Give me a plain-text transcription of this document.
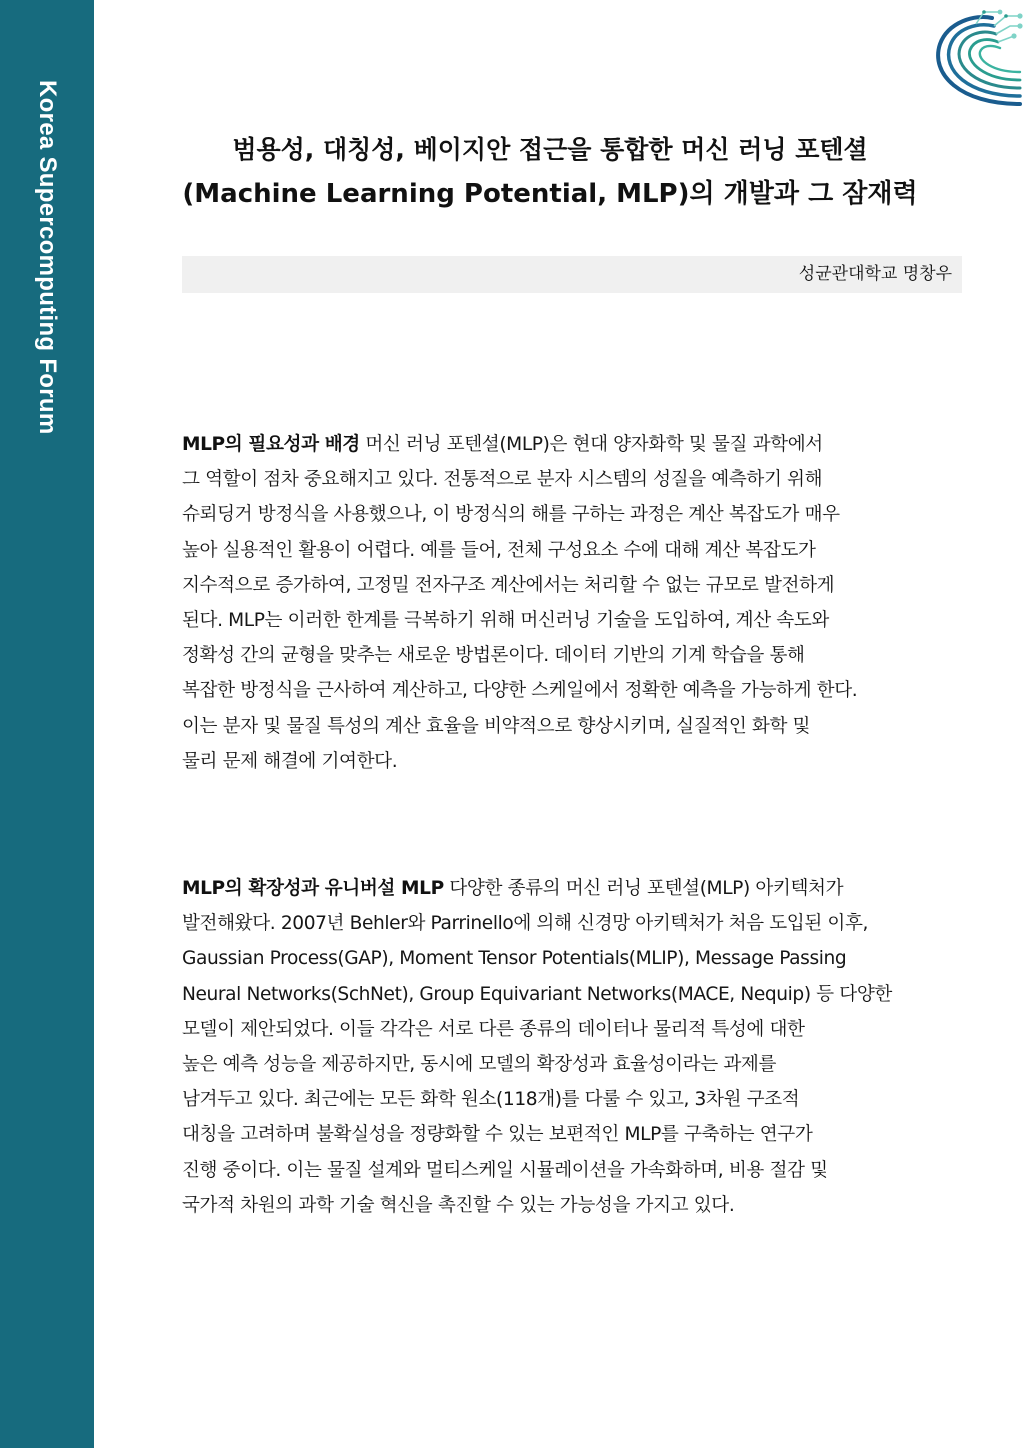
Korea Supercomputing Forum	범용성, 대칭성, 베이지안 접근을 통합한 머신 러닝 포텐셜
(Machine Learning Potential, MLP)의 개발과 그 잠재력
성균관대학교 명창우
MLP의 필요성과 배경 머신 러닝 포텐셜(MLP)은 현대 양자화학 및 물질 과학에서
그 역할이 점차 중요해지고 있다. 전통적으로 분자 시스템의 성질을 예측하기 위해
슈뢰딩거 방정식을 사용했으나, 이 방정식의 해를 구하는 과정은 계산 복잡도가 매우
높아 실용적인 활용이 어렵다. 예를 들어, 전체 구성요소 수에 대해 계산 복잡도가
지수적으로 증가하여, 고정밀 전자구조 계산에서는 처리할 수 없는 규모로 발전하게
된다. MLP는 이러한 한계를 극복하기 위해 머신러닝 기술을 도입하여, 계산 속도와
정확성 간의 균형을 맞추는 새로운 방법론이다. 데이터 기반의 기계 학습을 통해
복잡한 방정식을 근사하여 계산하고, 다양한 스케일에서 정확한 예측을 가능하게 한다.
이는 분자 및 물질 특성의 계산 효율을 비약적으로 향상시키며, 실질적인 화학 및
물리 문제 해결에 기여한다.
MLP의 확장성과 유니버설 MLP 다양한 종류의 머신 러닝 포텐셜(MLP) 아키텍처가
발전해왔다. 2007년 Behler와 Parrinello에 의해 신경망 아키텍처가 처음 도입된 이후,
Gaussian Process(GAP), Moment Tensor Potentials(MLIP), Message Passing
Neural Networks(SchNet), Group Equivariant Networks(MACE, Nequip) 등 다양한
모델이 제안되었다. 이들 각각은 서로 다른 종류의 데이터나 물리적 특성에 대한
높은 예측 성능을 제공하지만, 동시에 모델의 확장성과 효율성이라는 과제를
남겨두고 있다. 최근에는 모든 화학 원소(118개)를 다룰 수 있고, 3차원 구조적
대칭을 고려하며 불확실성을 정량화할 수 있는 보편적인 MLP를 구축하는 연구가
진행 중이다. 이는 물질 설계와 멀티스케일 시뮬레이션을 가속화하며, 비용 절감 및
국가적 차원의 과학 기술 혁신을 촉진할 수 있는 가능성을 가지고 있다.
